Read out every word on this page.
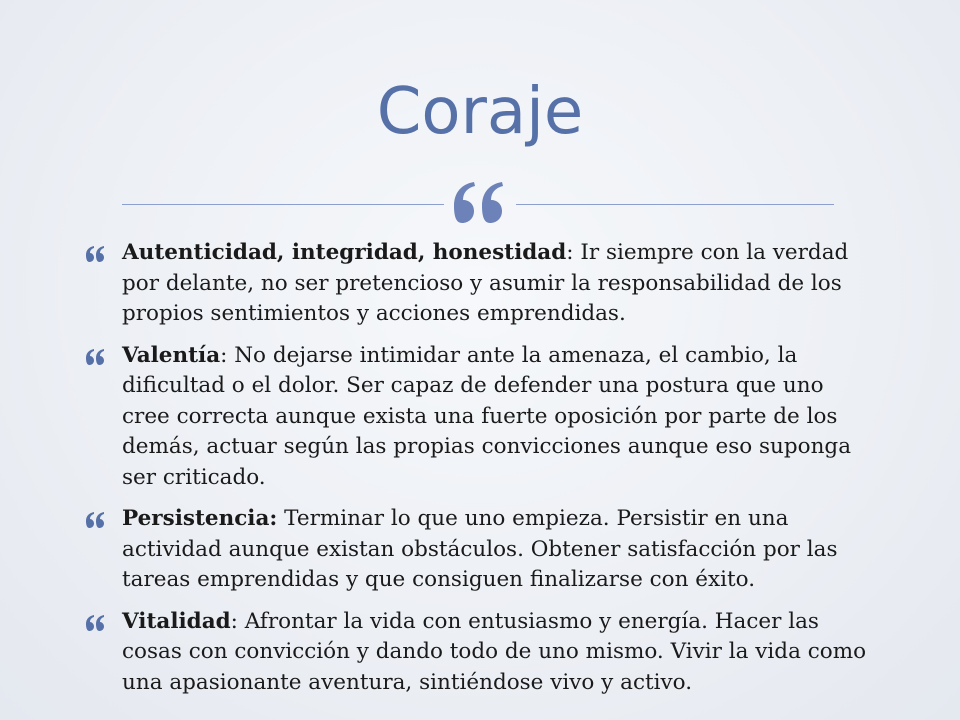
Coraje
Autenticidad, integridad, honestidad: Ir siempre con la verdad por delante, no ser pretencioso y asumir la responsabilidad de los propios sentimientos y acciones emprendidas.
Valentía: No dejarse intimidar ante la amenaza, el cambio, la dificultad o el dolor. Ser capaz de defender una postura que uno cree correcta aunque exista una fuerte oposición por parte de los demás, actuar según las propias convicciones aunque eso suponga ser criticado.
Persistencia: Terminar lo que uno empieza. Persistir en una actividad aunque existan obstáculos. Obtener satisfacción por las tareas emprendidas y que consiguen finalizarse con éxito.
Vitalidad: Afrontar la vida con entusiasmo y energía. Hacer las cosas con convicción y dando todo de uno mismo. Vivir la vida como una apasionante aventura, sintiéndose vivo y activo.
